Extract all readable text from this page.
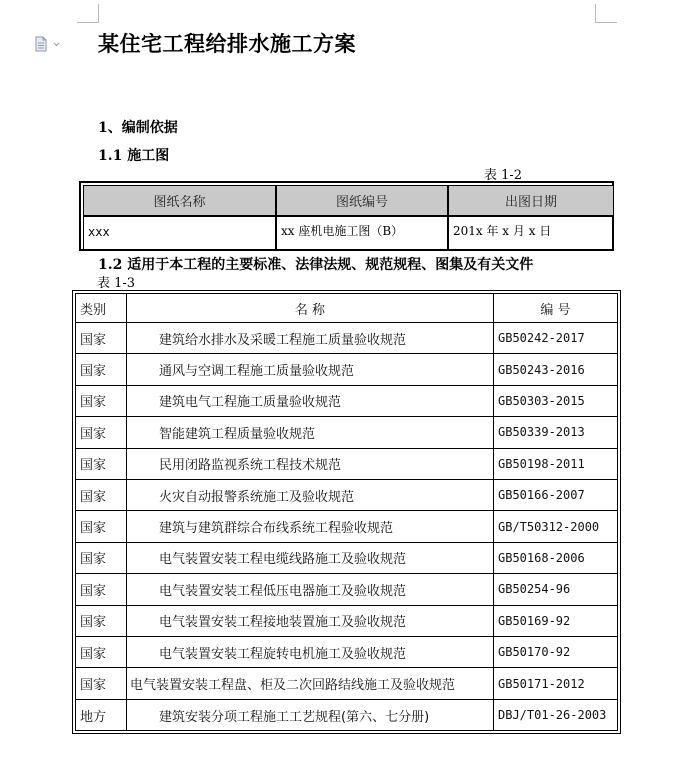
某住宅工程给排水施工方案
1、编制依据
1.1 施工图
表 1-2
图纸名称	图纸编号	出图日期
xxx	xx 座机电施工图（B）	201x 年 x 月 x 日
1.2 适用于本工程的主要标准、法律法规、规范规程、图集及有关文件
表 1-3
类别	名 称	编 号
国家	建筑给水排水及采暖工程施工质量验收规范	GB50242-2017
国家	通风与空调工程施工质量验收规范	GB50243-2016
国家	建筑电气工程施工质量验收规范	GB50303-2015
国家	智能建筑工程质量验收规范	GB50339-2013
国家	民用闭路监视系统工程技术规范	GB50198-2011
国家	火灾自动报警系统施工及验收规范	GB50166-2007
国家	建筑与建筑群综合布线系统工程验收规范	GB/T50312-2000
国家	电气装置安装工程电缆线路施工及验收规范	GB50168-2006
国家	电气装置安装工程低压电器施工及验收规范	GB50254-96
国家	电气装置安装工程接地装置施工及验收规范	GB50169-92
国家	电气装置安装工程旋转电机施工及验收规范	GB50170-92
国家	电气装置安装工程盘、柜及二次回路结线施工及验收规范	GB50171-2012
地方	建筑安装分项工程施工工艺规程(第六、七分册)	DBJ/T01-26-2003
